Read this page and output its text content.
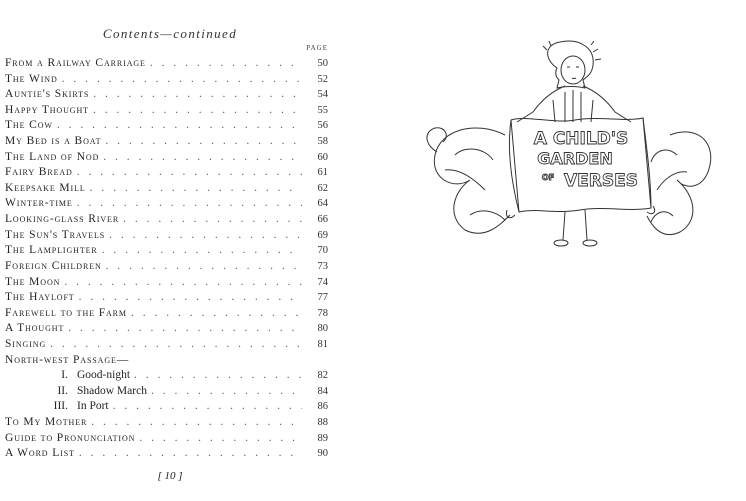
Contents—continued
PAGE
From a Railway Carriage . . .	50
The Wind . . .	52
Auntie's Skirts . . .	54
Happy Thought . . .	55
The Cow . . .	56
My Bed is a Boat . . .	58
The Land of Nod . . .	60
Fairy Bread . . .	61
Keepsake Mill . . .	62
Winter-time . . .	64
Looking-glass River . . .	66
The Sun's Travels . . .	69
The Lamplighter . . .	70
Foreign Children . . .	73
The Moon . . .	74
The Hayloft . . .	77
Farewell to the Farm . . .	78
A Thought . . .	80
Singing . . .	81
North-west Passage—
I. Good-night . . .	82
II. Shadow March . . .	84
III. In Port . . .	86
To My Mother . . .	88
Guide to Pronunciation . . .	89
A Word List . . .	90
[ 10 ]
A CHILD'S
GARDEN
OF VERSES
